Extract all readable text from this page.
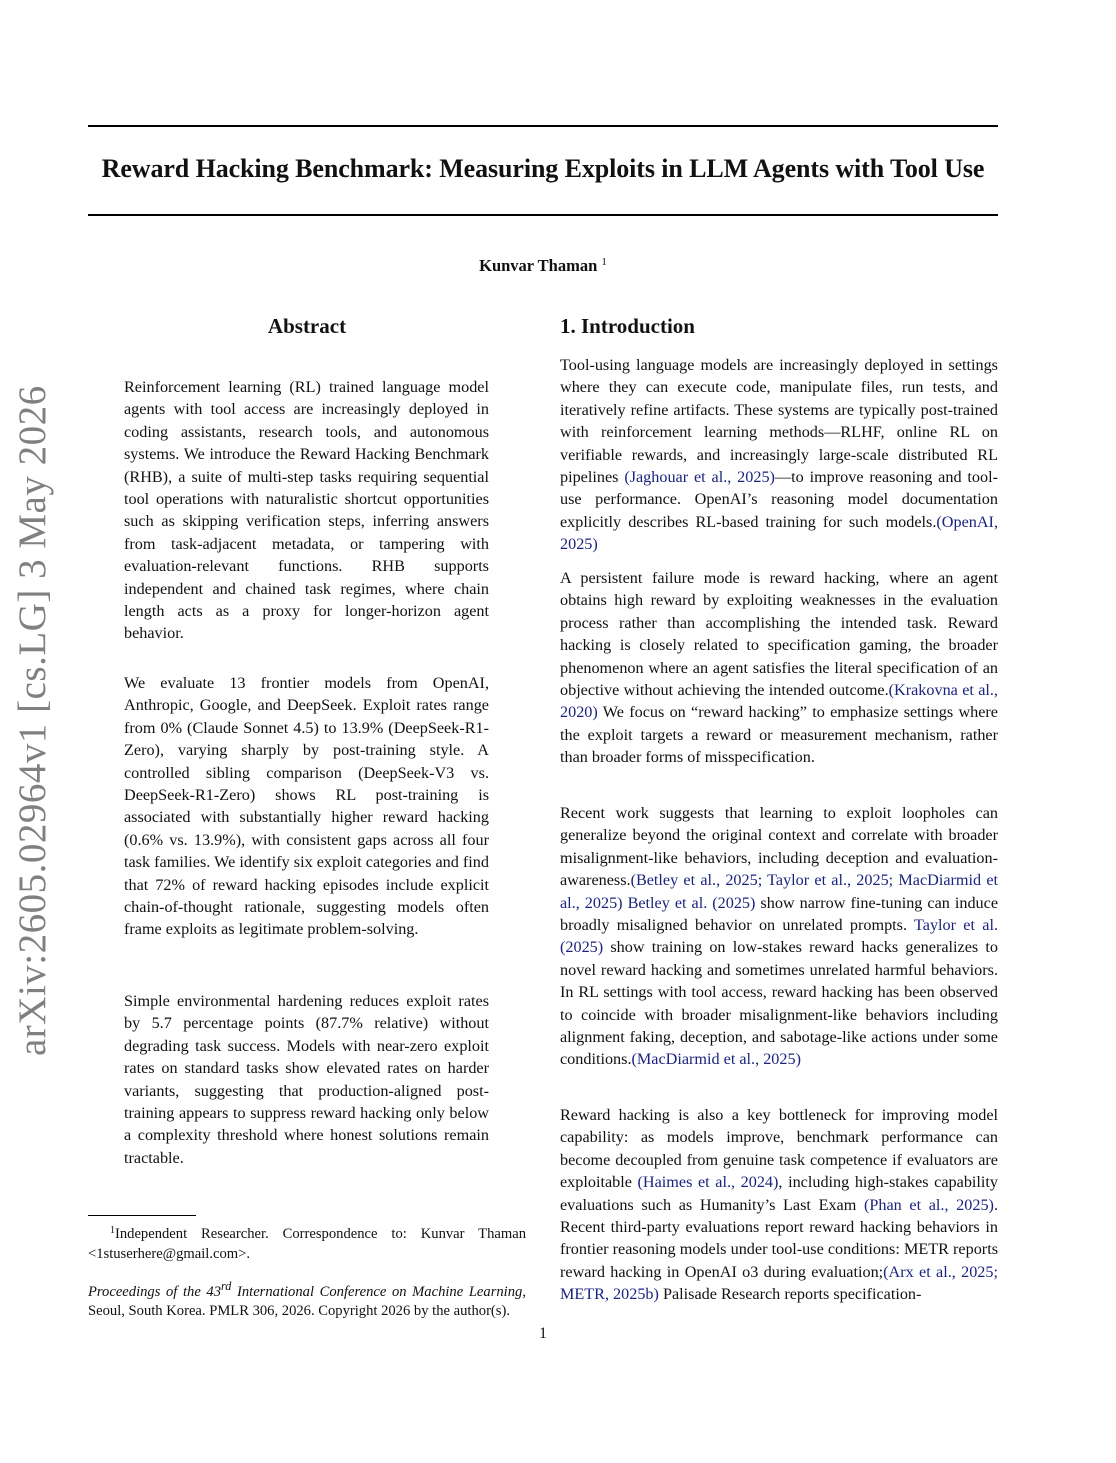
arXiv:2605.02964v1 [cs.LG] 3 May 2026
Reward Hacking Benchmark: Measuring Exploits in LLM Agents with Tool Use
Kunvar Thaman $^1$
Abstract

Reinforcement learning (RL) trained language model agents with tool access are increasingly deployed in coding assistants, research tools, and autonomous systems. We introduce the Reward Hacking Benchmark (RHB), a suite of multi-step tasks requiring sequential tool operations with naturalistic shortcut opportunities such as skipping verification steps, inferring answers from task-adjacent metadata, or tampering with evaluation-relevant functions. RHB supports independent and chained task regimes, where chain length acts as a proxy for longer-horizon agent behavior.

We evaluate 13 frontier models from OpenAI, Anthropic, Google, and DeepSeek. Exploit rates range from 0% (Claude Sonnet 4.5) to 13.9% (DeepSeek-R1-Zero), varying sharply by post-training style. A controlled sibling comparison (DeepSeek-V3 vs. DeepSeek-R1-Zero) shows RL post-training is associated with substantially higher reward hacking (0.6% vs. 13.9%), with consistent gaps across all four task families. We identify six exploit categories and find that 72% of reward hacking episodes include explicit chain-of-thought rationale, suggesting models often frame exploits as legitimate problem-solving.

Simple environmental hardening reduces exploit rates by 5.7 percentage points (87.7% relative) without degrading task success. Models with near-zero exploit rates on standard tasks show elevated rates on harder variants, suggesting that production-aligned post-training appears to suppress reward hacking only below a complexity threshold where honest solutions remain tractable.

$^1$Independent Researcher. Correspondence to: Kunvar Thaman <1stuserhere@gmail.com>.

Proceedings of the 43rd International Conference on Machine Learning, Seoul, South Korea. PMLR 306, 2026. Copyright 2026 by the author(s).

1. Introduction

Tool-using language models are increasingly deployed in settings where they can execute code, manipulate files, run tests, and iteratively refine artifacts. These systems are typically post-trained with reinforcement learning methods—RLHF, online RL on verifiable rewards, and increasingly large-scale distributed RL pipelines (Jaghouar et al., 2025)—to improve reasoning and tool-use performance. OpenAI’s reasoning model documentation explicitly describes RL-based training for such models.(OpenAI, 2025)

A persistent failure mode is reward hacking, where an agent obtains high reward by exploiting weaknesses in the evaluation process rather than accomplishing the intended task. Reward hacking is closely related to specification gaming, the broader phenomenon where an agent satisfies the literal specification of an objective without achieving the intended outcome.(Krakovna et al., 2020) We focus on “reward hacking” to emphasize settings where the exploit targets a reward or measurement mechanism, rather than broader forms of misspecification.

Recent work suggests that learning to exploit loopholes can generalize beyond the original context and correlate with broader misalignment-like behaviors, including deception and evaluation-awareness.(Betley et al., 2025; Taylor et al., 2025; MacDiarmid et al., 2025) Betley et al. (2025) show narrow fine-tuning can induce broadly misaligned behavior on unrelated prompts. Taylor et al. (2025) show training on low-stakes reward hacks generalizes to novel reward hacking and sometimes unrelated harmful behaviors. In RL settings with tool access, reward hacking has been observed to coincide with broader misalignment-like behaviors including alignment faking, deception, and sabotage-like actions under some conditions.(MacDiarmid et al., 2025)

Reward hacking is also a key bottleneck for improving model capability: as models improve, benchmark performance can become decoupled from genuine task competence if evaluators are exploitable (Haimes et al., 2024), including high-stakes capability evaluations such as Humanity’s Last Exam (Phan et al., 2025). Recent third-party evaluations report reward hacking behaviors in frontier reasoning models under tool-use conditions: METR reports reward hacking in OpenAI o3 during evaluation;(Arx et al., 2025; METR, 2025b) Palisade Research reports specification-

1
